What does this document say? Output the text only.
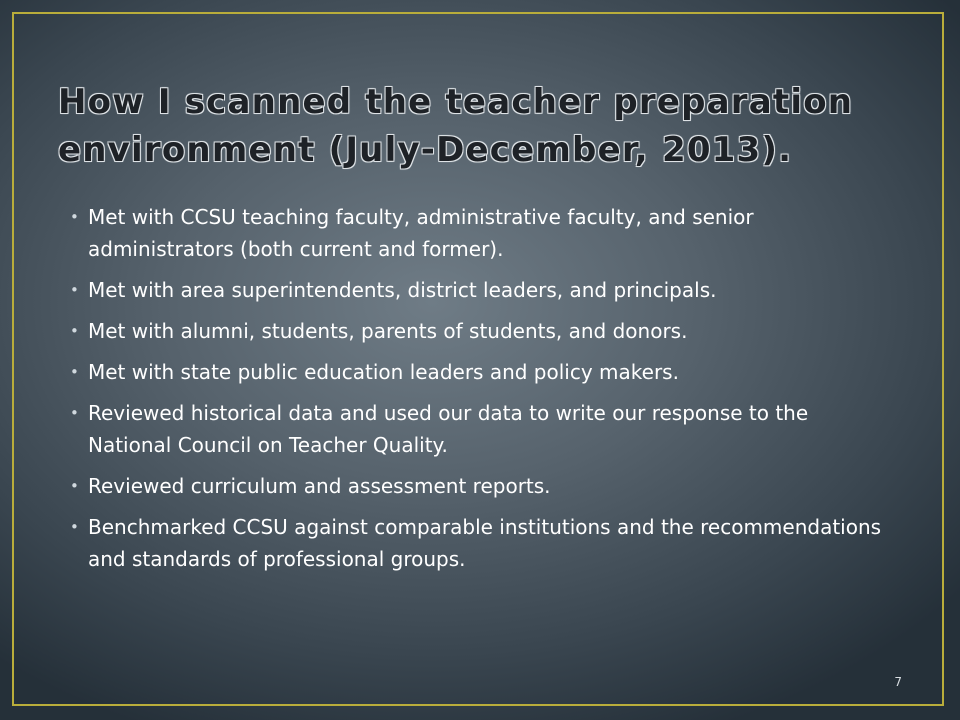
How I scanned the teacher preparation environment (July-December, 2013).
• Met with CCSU teaching faculty, administrative faculty, and senior administrators (both current and former).
• Met with area superintendents, district leaders, and principals.
• Met with alumni, students, parents of students, and donors.
• Met with state public education leaders and policy makers.
• Reviewed historical data and used our data to write our response to the National Council on Teacher Quality.
• Reviewed curriculum and assessment reports.
• Benchmarked CCSU against comparable institutions and the recommendations and standards of professional groups.
7
